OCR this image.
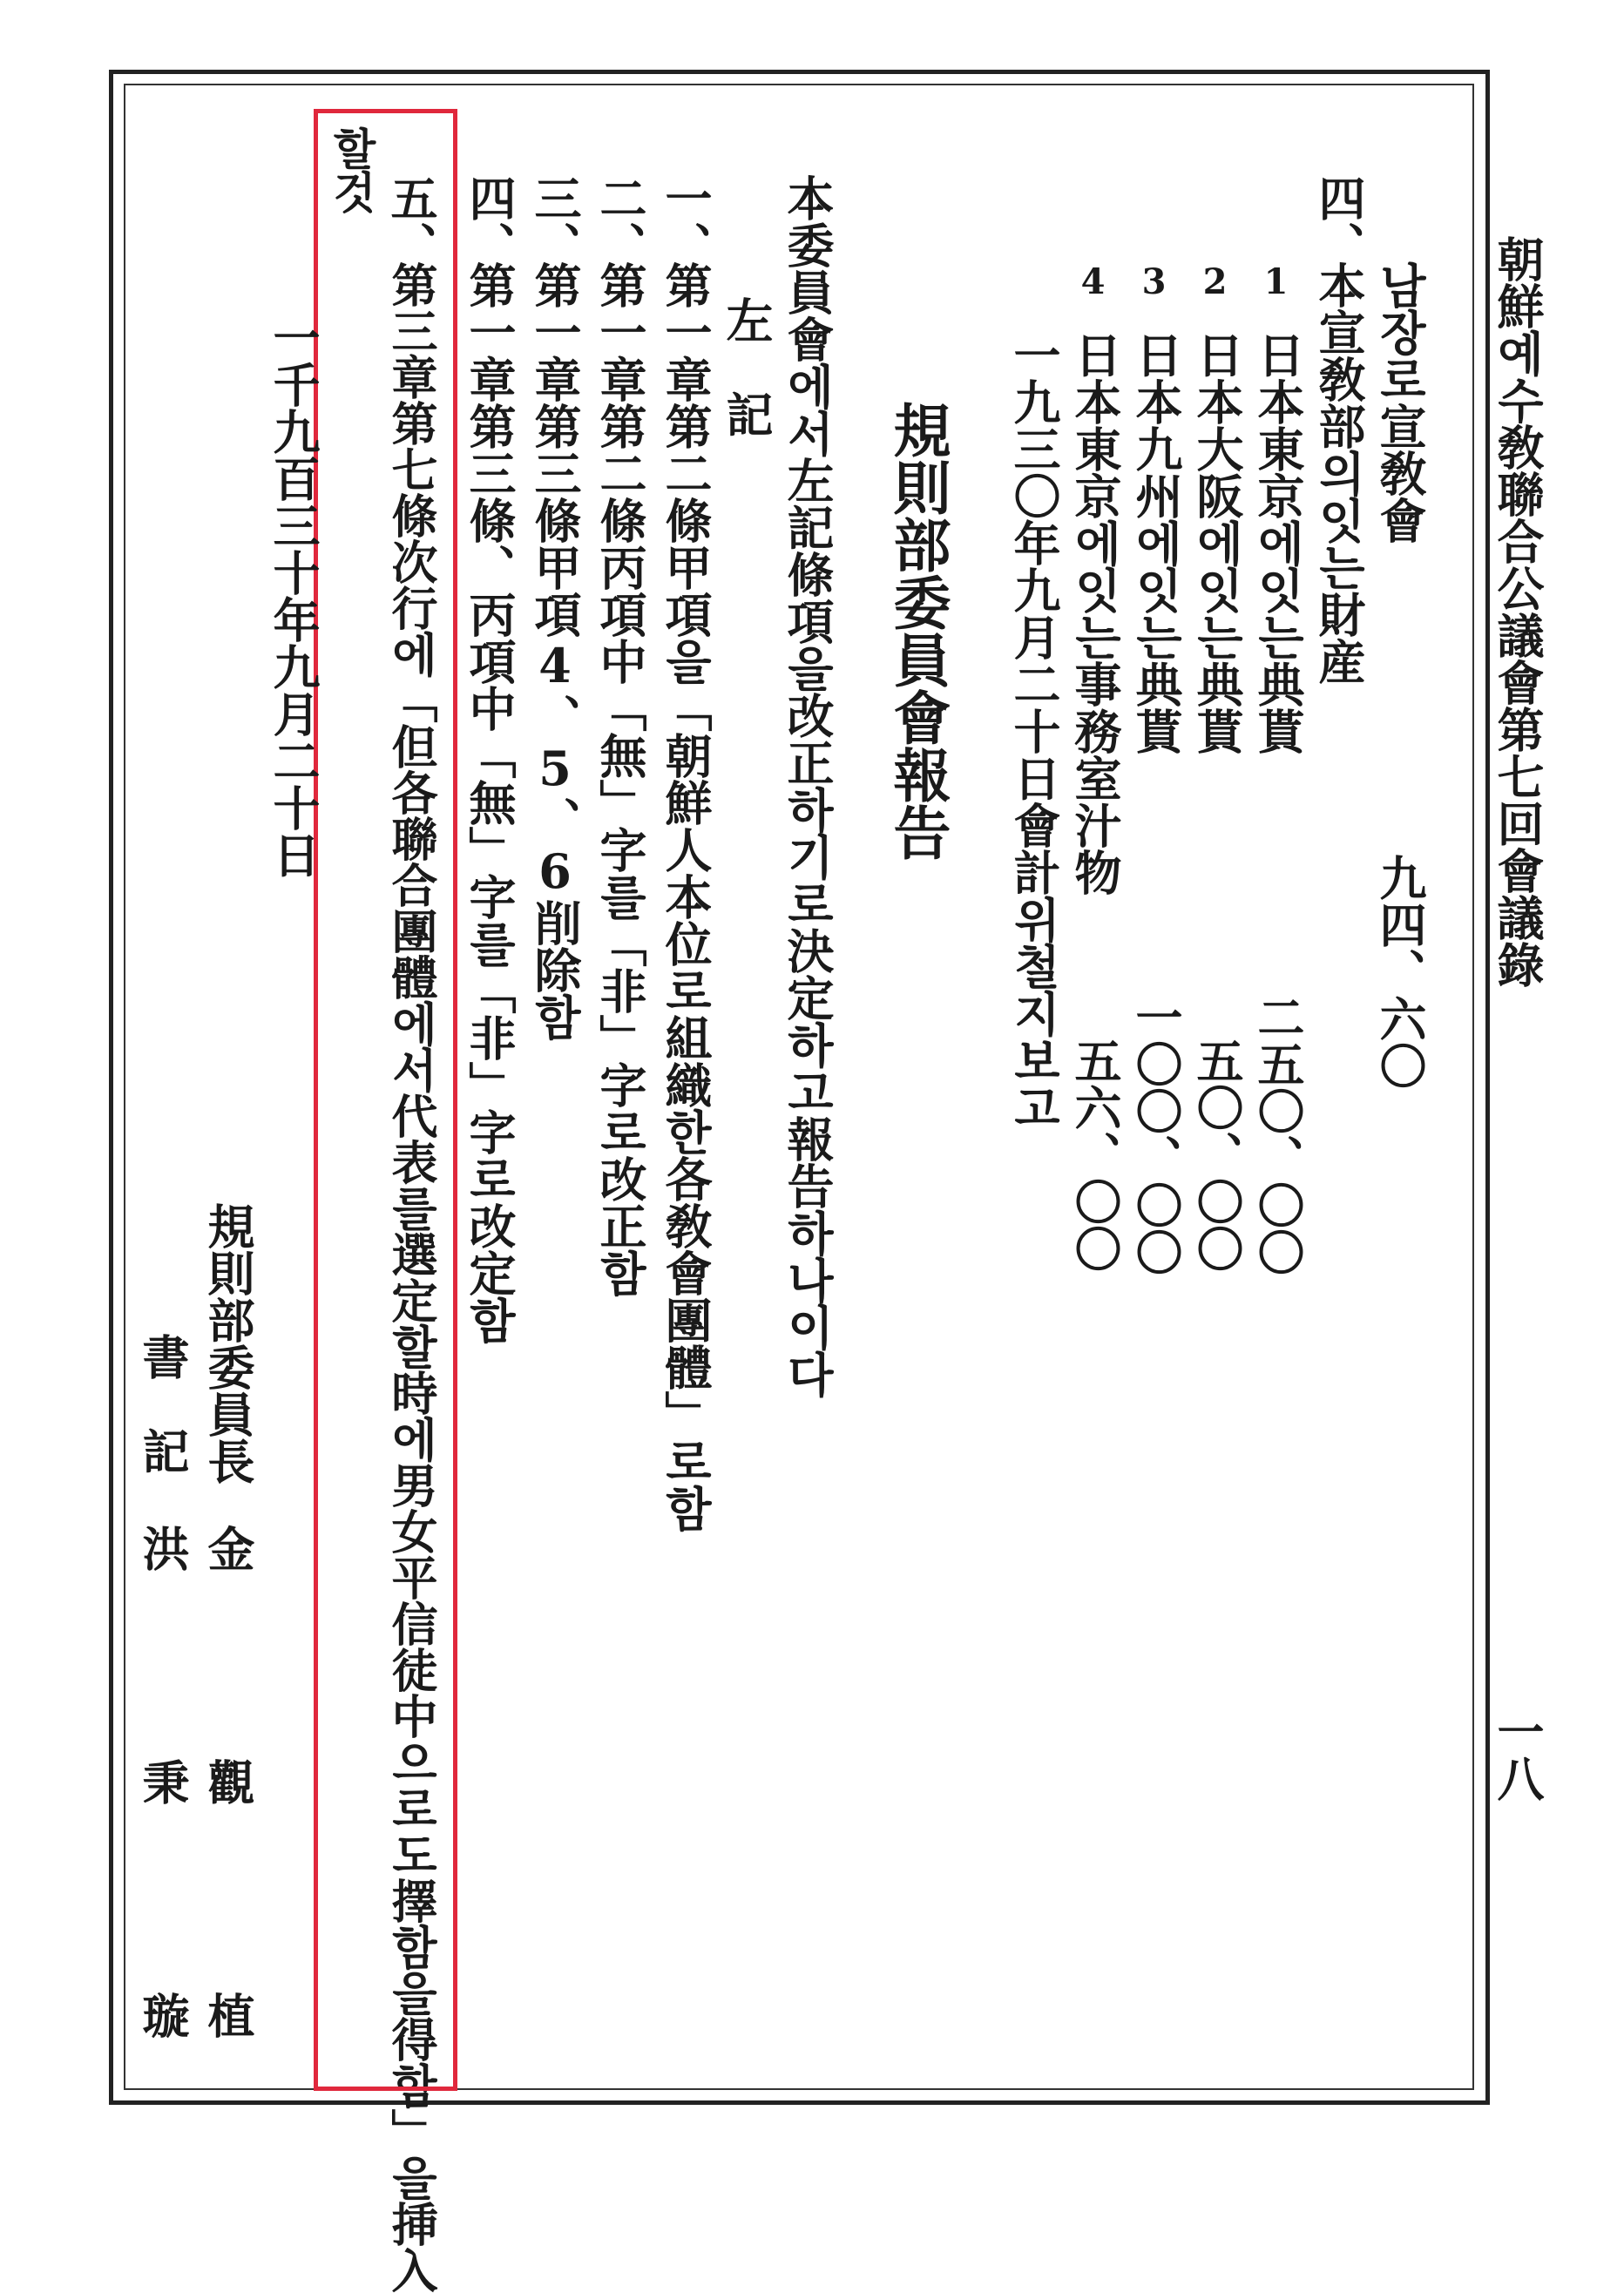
朝鮮예수敎聯合公議會第七回會議錄
一八
남장로宣敎會
九四、六〇
四、
本宣敎部의잇는財産
1
日本東京에잇는典貰
二五〇、〇〇
2
日本大阪에잇는典貰
五〇、〇〇
3
日本九州에잇는典貰
一〇〇、〇〇
4
日本東京에잇는事務室汁物
五六、〇〇
一九三〇年九月二十日會計위철지보고
規則部委員會報告
本委員會에서左記條項을改正하기로決定하고報告하나이다
左　記
一、
第一章第二條甲項을「朝鮮人本位로組織한各敎會團體」로함
二、
第一章第二條丙項中「無」字를「非」字로改正함
三、
第一章第三條甲項4、5、6削除함
四、
第一章第三條、丙項中「無」字를「非」字로改定함
五、
第三章第七條次行에「但各聯合團體에서代表를選定할時에男女平信徒中으로도擇함을得함」을挿入
할것
一千九百三十年九月二十日
規則部委員長
金　觀　植
書　記
洪　秉　璇
